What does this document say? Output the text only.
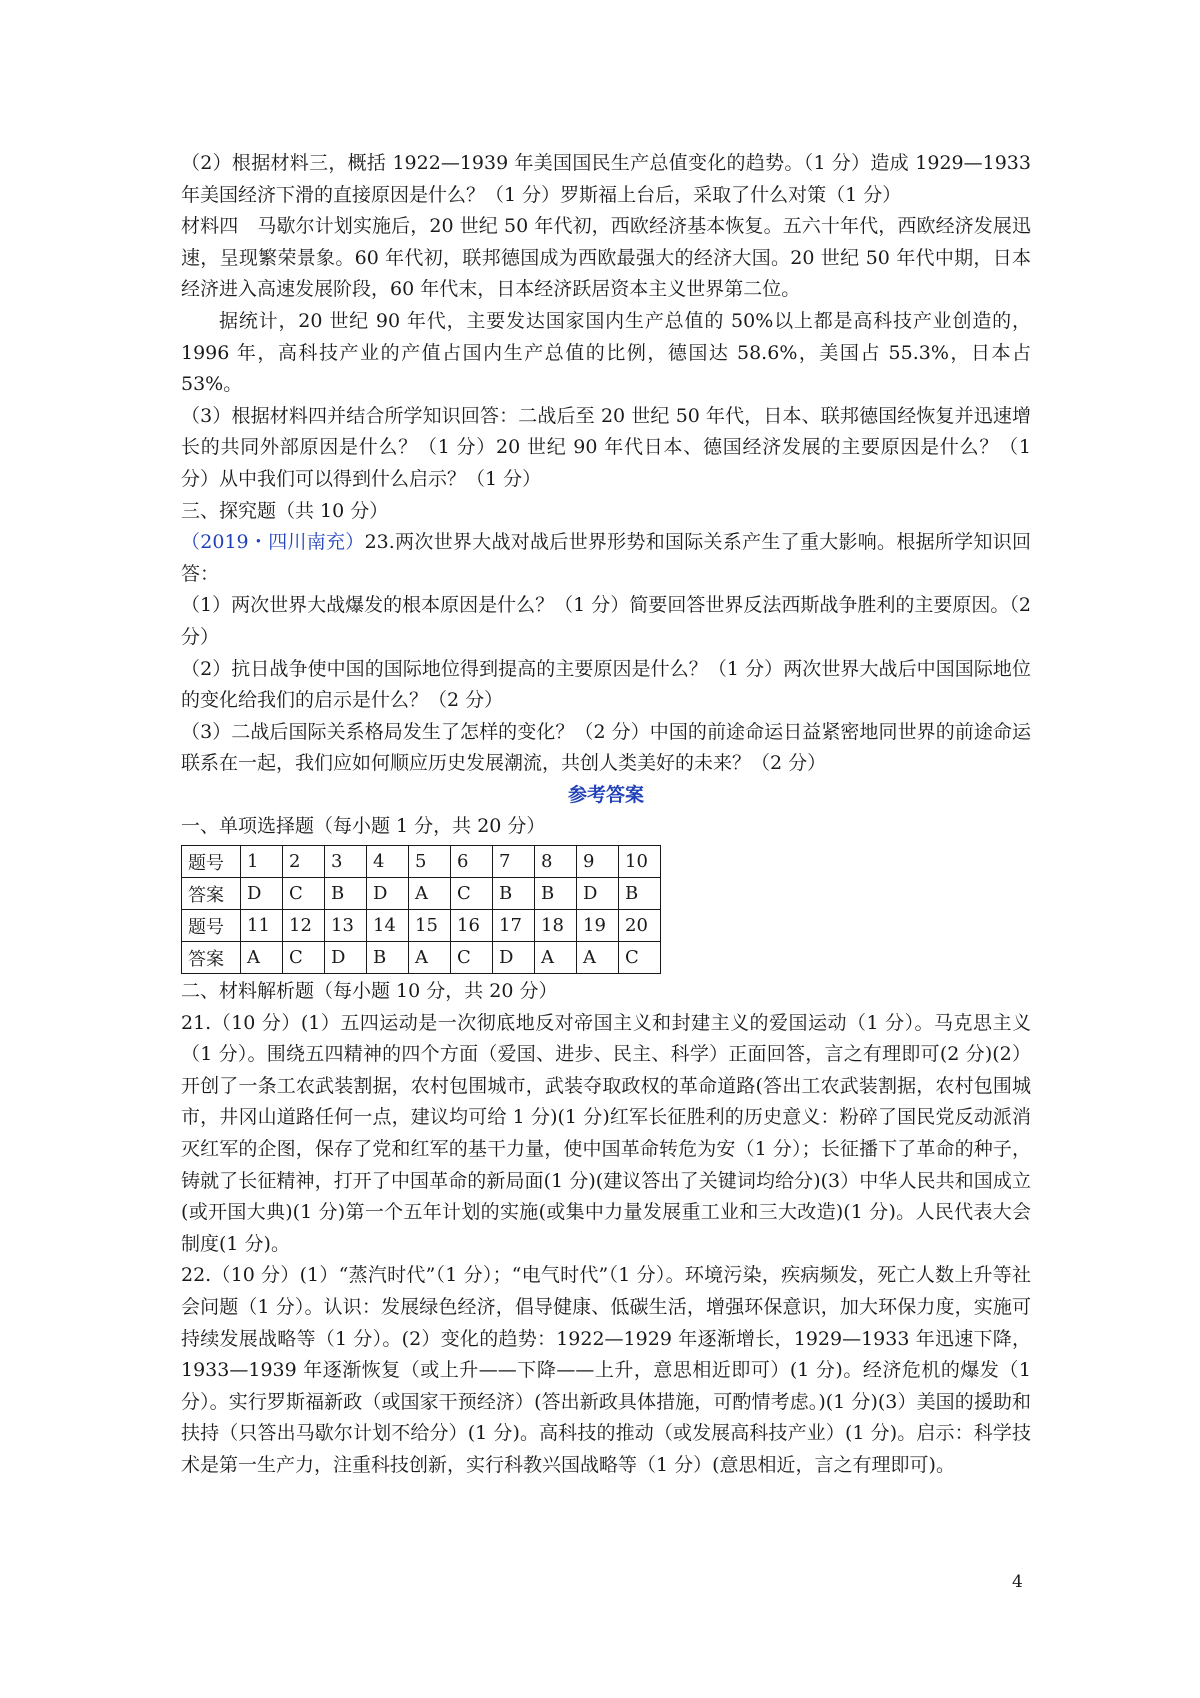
（2）根据材料三，概括 1922—1939 年美国国民生产总值变化的趋势。（1 分）造成 1929—1933 年美国经济下滑的直接原因是什么？（1 分）罗斯福上台后，采取了什么对策（1 分）

材料四　马歇尔计划实施后，20 世纪 50 年代初，西欧经济基本恢复。五六十年代，西欧经济发展迅速，呈现繁荣景象。60 年代初，联邦德国成为西欧最强大的经济大国。20 世纪 50 年代中期，日本经济进入高速发展阶段，60 年代末，日本经济跃居资本主义世界第二位。

据统计，20 世纪 90 年代，主要发达国家国内生产总值的 50%以上都是高科技产业创造的，1996 年，高科技产业的产值占国内生产总值的比例，德国达 58.6%，美国占 55.3%，日本占 53%。

（3）根据材料四并结合所学知识回答：二战后至 20 世纪 50 年代，日本、联邦德国经恢复并迅速增长的共同外部原因是什么？（1 分）20 世纪 90 年代日本、德国经济发展的主要原因是什么？（1 分）从中我们可以得到什么启示？（1 分）

三、探究题（共 10 分）

（2019・四川南充）23.两次世界大战对战后世界形势和国际关系产生了重大影响。根据所学知识回答：

（1）两次世界大战爆发的根本原因是什么？（1 分）简要回答世界反法西斯战争胜利的主要原因。（2 分）

（2）抗日战争使中国的国际地位得到提高的主要原因是什么？（1 分）两次世界大战后中国国际地位的变化给我们的启示是什么？（2 分）

（3）二战后国际关系格局发生了怎样的变化？（2 分）中国的前途命运日益紧密地同世界的前途命运联系在一起，我们应如何顺应历史发展潮流，共创人类美好的未来？（2 分）

参考答案

一、单项选择题（每小题 1 分，共 20 分）

题号	1	2	3	4	5	6	7	8	9	10
答案	D	C	B	D	A	C	B	B	D	B
题号	11	12	13	14	15	16	17	18	19	20
答案	A	C	D	B	A	C	D	A	A	C

二、材料解析题（每小题 10 分，共 20 分）

21.（10 分）(1）五四运动是一次彻底地反对帝国主义和封建主义的爱国运动（1 分）。马克思主义（1 分）。围绕五四精神的四个方面（爱国、进步、民主、科学）正面回答，言之有理即可(2 分)(2）开创了一条工农武装割据，农村包围城市，武装夺取政权的革命道路(答出工农武装割据，农村包围城市，井冈山道路任何一点，建议均可给 1 分)(1 分)红军长征胜利的历史意义：粉碎了国民党反动派消灭红军的企图，保存了党和红军的基干力量，使中国革命转危为安（1 分）；长征播下了革命的种子，铸就了长征精神，打开了中国革命的新局面(1 分)(建议答出了关键词均给分)(3）中华人民共和国成立(或开国大典)(1 分)第一个五年计划的实施(或集中力量发展重工业和三大改造)(1 分)。人民代表大会制度(1 分)。

22.（10 分）(1）“蒸汽时代”（1 分）；“电气时代”（1 分）。环境污染，疾病频发，死亡人数上升等社会问题（1 分）。认识：发展绿色经济，倡导健康、低碳生活，增强环保意识，加大环保力度，实施可持续发展战略等（1 分）。(2）变化的趋势：1922—1929 年逐渐增长，1929—1933 年迅速下降，1933—1939 年逐渐恢复（或上升——下降——上升，意思相近即可）(1 分)。经济危机的爆发（1 分）。实行罗斯福新政（或国家干预经济）(答出新政具体措施，可酌情考虑。)(1 分)(3）美国的援助和扶持（只答出马歇尔计划不给分）(1 分)。高科技的推动（或发展高科技产业）(1 分)。启示：科学技术是第一生产力，注重科技创新，实行科教兴国战略等（1 分）(意思相近，言之有理即可)。

4
